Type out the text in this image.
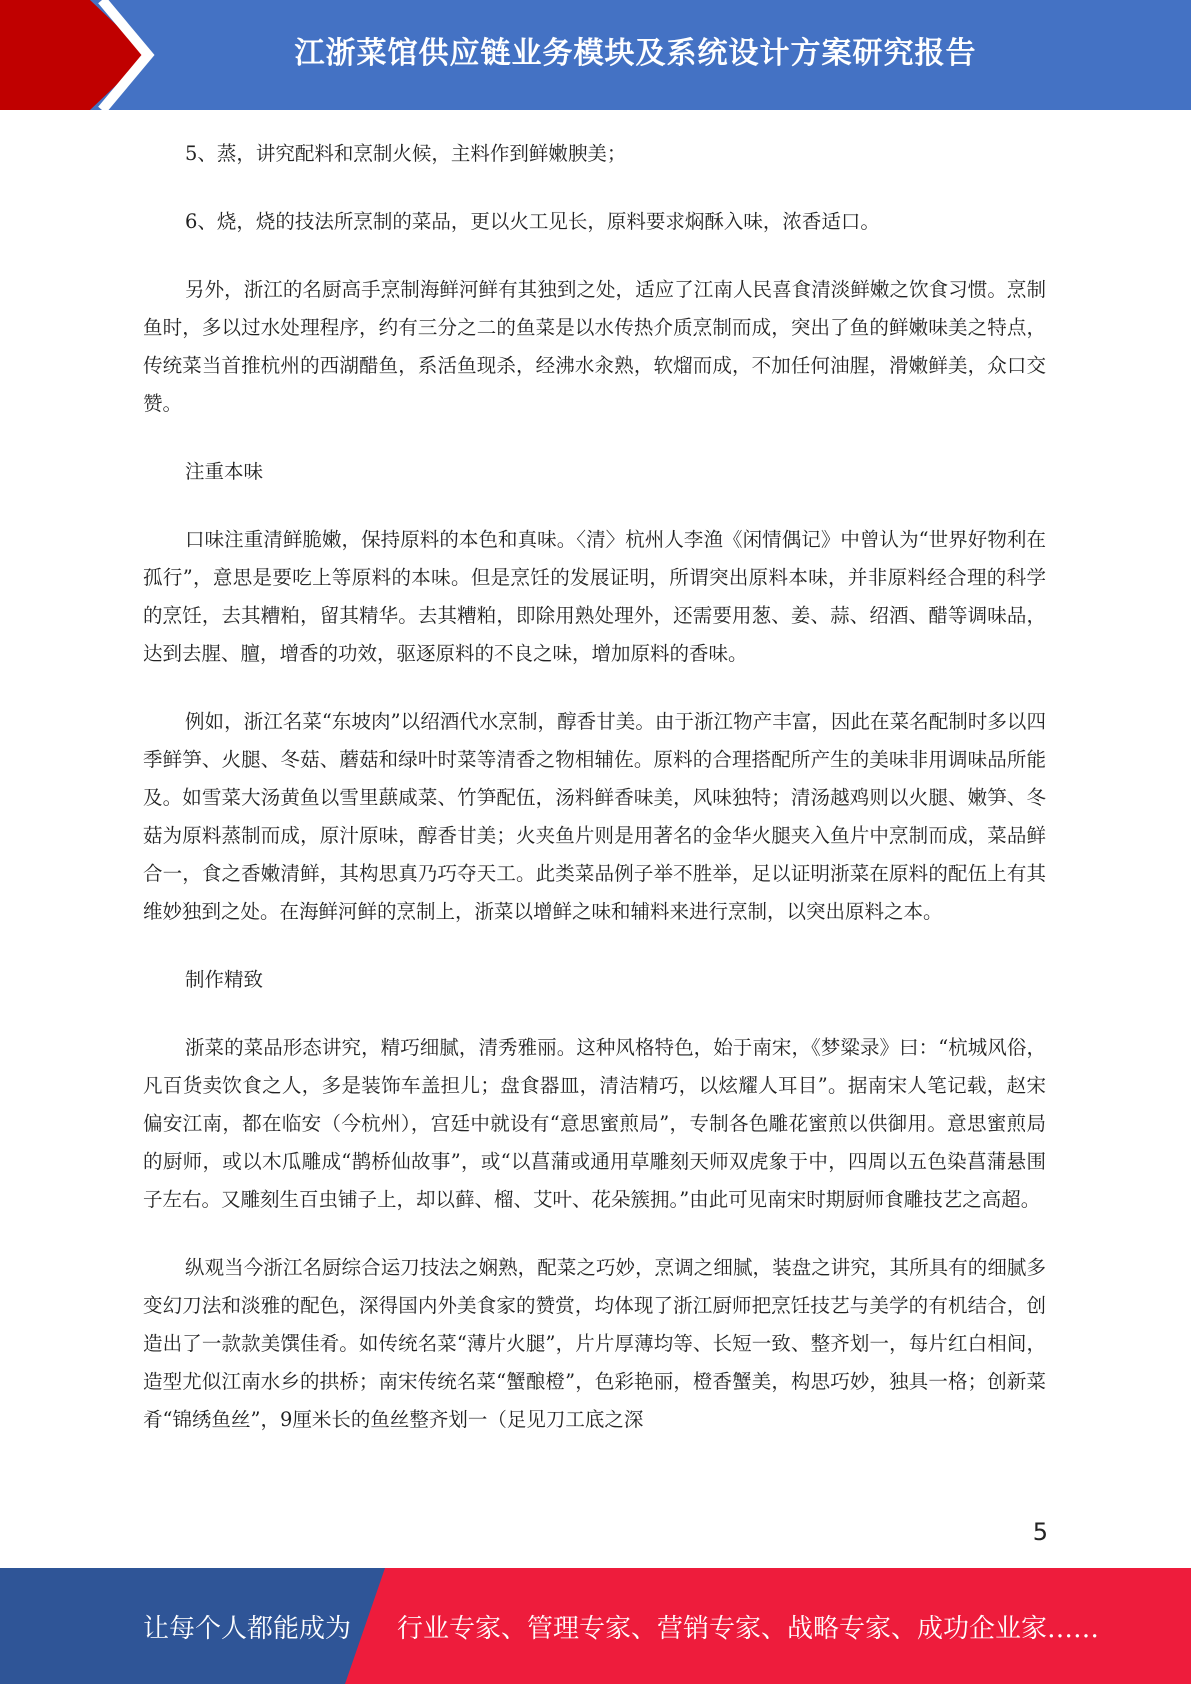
江浙菜馆供应链业务模块及系统设计方案研究报告

5、蒸，讲究配料和烹制火候，主料作到鲜嫩腴美；

6、烧，烧的技法所烹制的菜品，更以火工见长，原料要求焖酥入味，浓香适口。

另外，浙江的名厨高手烹制海鲜河鲜有其独到之处，适应了江南人民喜食清淡鲜嫩之饮食习惯。烹制鱼时，多以过水处理程序，约有三分之二的鱼菜是以水传热介质烹制而成，突出了鱼的鲜嫩味美之特点，传统菜当首推杭州的西湖醋鱼，系活鱼现杀，经沸水汆熟，软熘而成，不加任何油腥，滑嫩鲜美，众口交赞。

注重本味

口味注重清鲜脆嫩，保持原料的本色和真味。〈清〉杭州人李渔《闲情偶记》中曾认为“世界好物利在孤行”，意思是要吃上等原料的本味。但是烹饪的发展证明，所谓突出原料本味，并非原料经合理的科学的烹饪，去其糟粕，留其精华。去其糟粕，即除用熟处理外，还需要用葱、姜、蒜、绍酒、醋等调味品，达到去腥、膻，增香的功效，驱逐原料的不良之味，增加原料的香味。

例如，浙江名菜“东坡肉”以绍酒代水烹制，醇香甘美。由于浙江物产丰富，因此在菜名配制时多以四季鲜笋、火腿、冬菇、蘑菇和绿叶时菜等清香之物相辅佐。原料的合理搭配所产生的美味非用调味品所能及。如雪菜大汤黄鱼以雪里蕻咸菜、竹笋配伍，汤料鲜香味美，风味独特；清汤越鸡则以火腿、嫩笋、冬菇为原料蒸制而成，原汁原味，醇香甘美；火夹鱼片则是用著名的金华火腿夹入鱼片中烹制而成，菜品鲜合一，食之香嫩清鲜，其构思真乃巧夺天工。此类菜品例子举不胜举，足以证明浙菜在原料的配伍上有其维妙独到之处。在海鲜河鲜的烹制上，浙菜以增鲜之味和辅料来进行烹制，以突出原料之本。

制作精致

浙菜的菜品形态讲究，精巧细腻，清秀雅丽。这种风格特色，始于南宋，《梦粱录》曰：“杭城风俗，凡百货卖饮食之人，多是装饰车盖担儿；盘食器皿，清洁精巧，以炫耀人耳目”。据南宋人笔记载，赵宋偏安江南，都在临安（今杭州），宫廷中就设有“意思蜜煎局”，专制各色雕花蜜煎以供御用。意思蜜煎局的厨师，或以木瓜雕成“鹊桥仙故事”，或“以菖蒲或通用草雕刻天师双虎象于中，四周以五色染菖蒲悬围子左右。又雕刻生百虫铺子上，却以藓、榴、艾叶、花朵簇拥。”由此可见南宋时期厨师食雕技艺之高超。

纵观当今浙江名厨综合运刀技法之娴熟，配菜之巧妙，烹调之细腻，装盘之讲究，其所具有的细腻多变幻刀法和淡雅的配色，深得国内外美食家的赞赏，均体现了浙江厨师把烹饪技艺与美学的有机结合，创造出了一款款美馔佳肴。如传统名菜“薄片火腿”，片片厚薄均等、长短一致、整齐划一，每片红白相间，造型尤似江南水乡的拱桥；南宋传统名菜“蟹酿橙”，色彩艳丽，橙香蟹美，构思巧妙，独具一格；创新菜肴“锦绣鱼丝”，9厘米长的鱼丝整齐划一（足见刀工底之深

5
让每个人都能成为 行业专家、管理专家、营销专家、战略专家、成功企业家……
